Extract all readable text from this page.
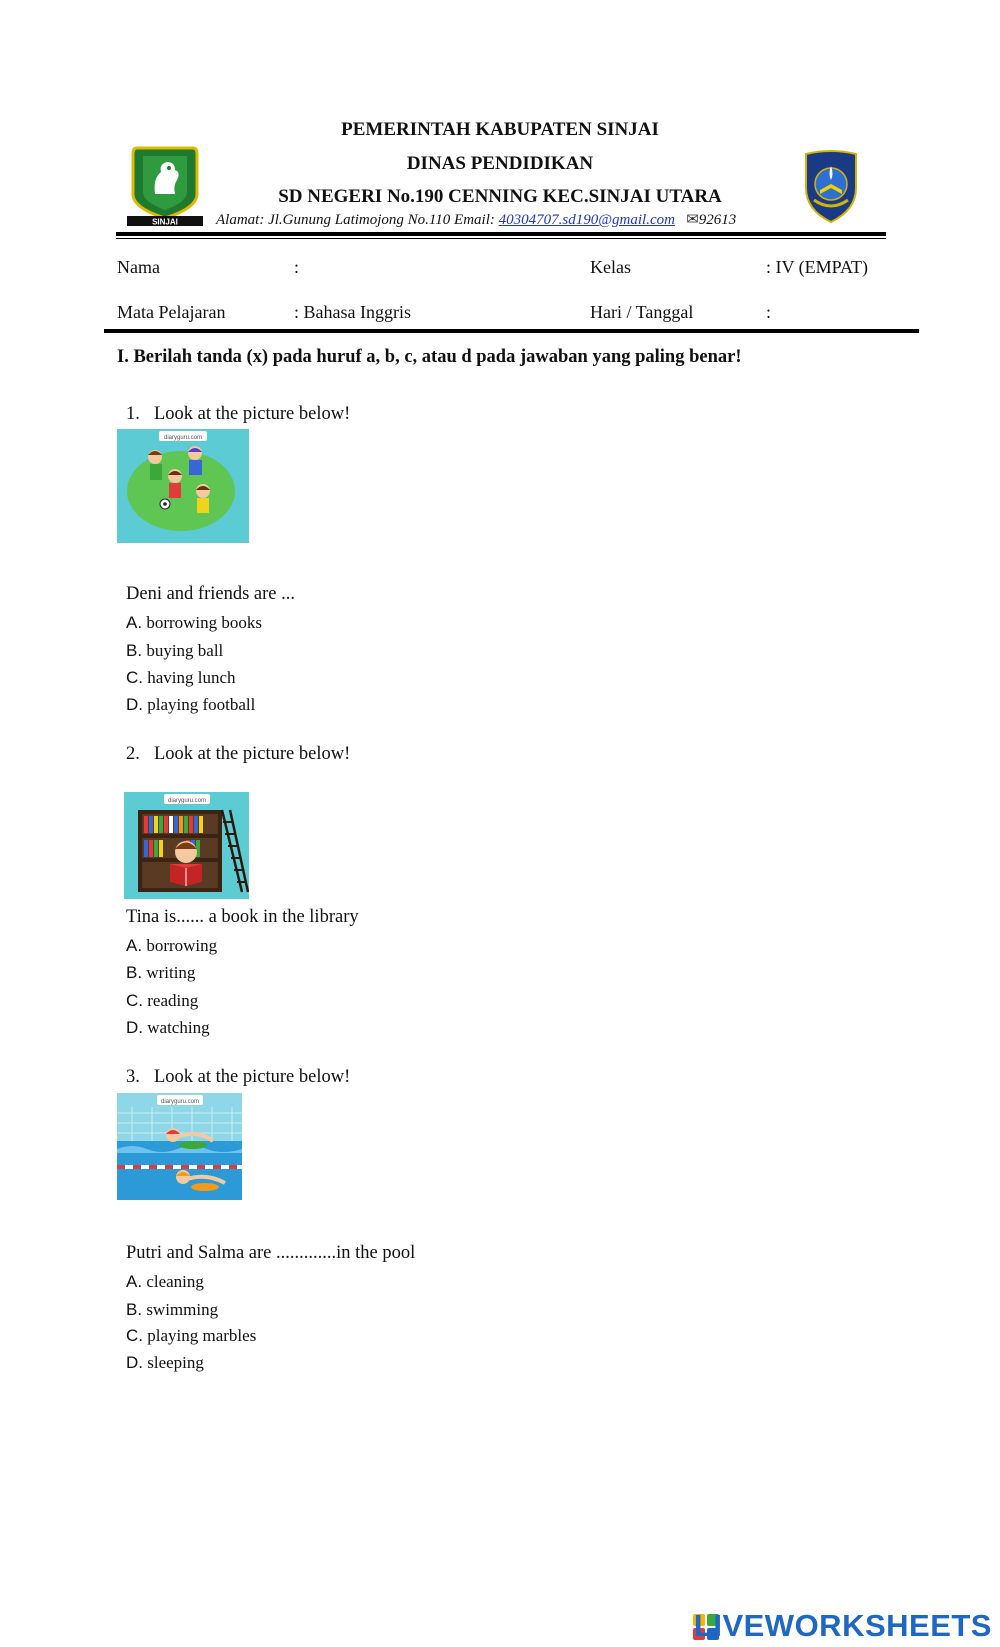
SINJAI
PEMERINTAH KABUPATEN SINJAI
DINAS PENDIDIKAN
SD NEGERI No.190 CENNING KEC.SINJAI UTARA
Alamat: Jl.Gunung Latimojong No.110 Email: 40304707.sd190@gmail.com ✉92613
Nama	:	Kelas	: IV (EMPAT)
Mata Pelajaran	: Bahasa Inggris	Hari / Tanggal	:
I. Berilah tanda (x) pada huruf a, b, c, atau d pada jawaban yang paling benar!
1. Look at the picture below!
diaryguru.com
Deni and friends are ...
A. borrowing books
B. buying ball
C. having lunch
D. playing football
2. Look at the picture below!
diaryguru.com
Tina is...... a book in the library
A. borrowing
B. writing
C. reading
D. watching
3. Look at the picture below!
diaryguru.com
Putri and Salma are .............in the pool
A. cleaning
B. swimming
C. playing marbles
D. sleeping
LIVEWORKSHEETS
